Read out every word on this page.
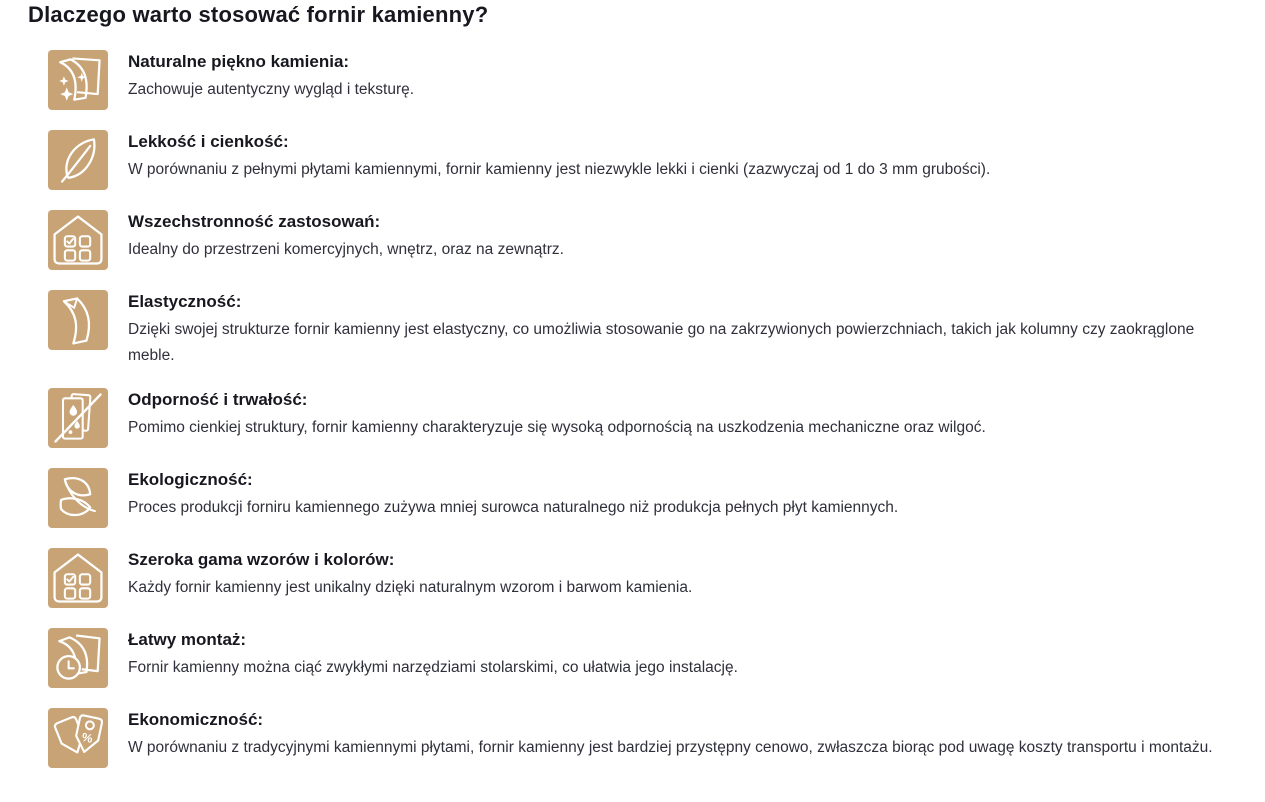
Dlaczego warto stosować fornir kamienny?
Naturalne piękno kamienia:

Zachowuje autentyczny wygląd i teksturę.

Lekkość i cienkość:

W porównaniu z pełnymi płytami kamiennymi, fornir kamienny jest niezwykle lekki i cienki (zazwyczaj od 1 do 3 mm grubości).

Wszechstronność zastosowań:

Idealny do przestrzeni komercyjnych, wnętrz, oraz na zewnątrz.

Elastyczność:

Dzięki swojej strukturze fornir kamienny jest elastyczny, co umożliwia stosowanie go na zakrzywionych powierzchniach, takich jak kolumny czy zaokrąglone meble.

Odporność i trwałość:

Pomimo cienkiej struktury, fornir kamienny charakteryzuje się wysoką odpornością na uszkodzenia mechaniczne oraz wilgoć.

Ekologiczność:

Proces produkcji forniru kamiennego zużywa mniej surowca naturalnego niż produkcja pełnych płyt kamiennych.

Szeroka gama wzorów i kolorów:

Każdy fornir kamienny jest unikalny dzięki naturalnym wzorom i barwom kamienia.

Łatwy montaż:

Fornir kamienny można ciąć zwykłymi narzędziami stolarskimi, co ułatwia jego instalację.

Ekonomiczność:

W porównaniu z tradycyjnymi kamiennymi płytami, fornir kamienny jest bardziej przystępny cenowo, zwłaszcza biorąc pod uwagę koszty transportu i montażu.
